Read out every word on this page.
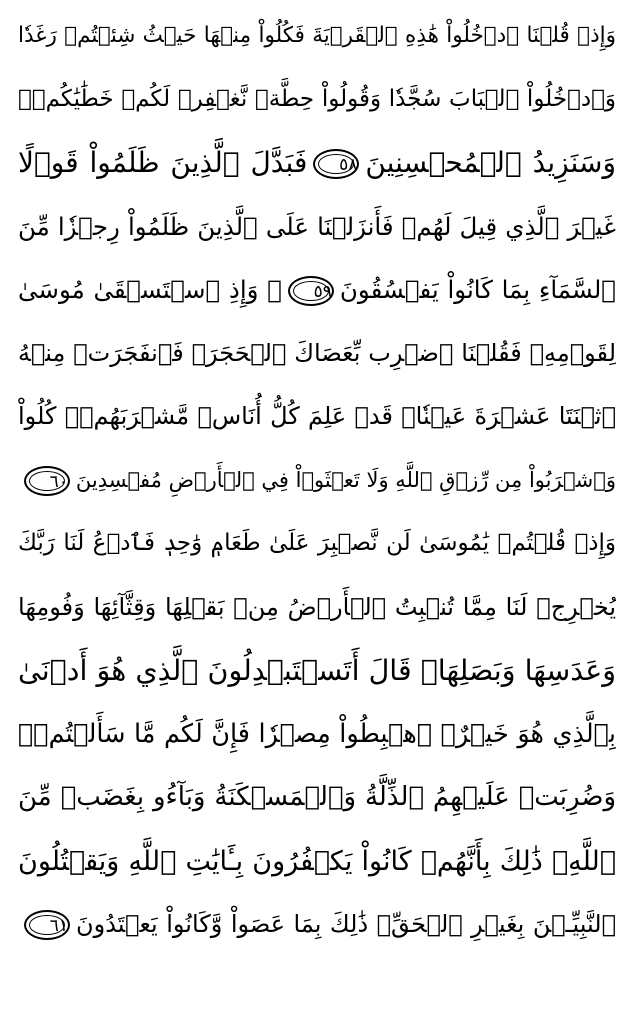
وَإِذۡ قُلۡنَا ٱدۡخُلُواْ هَٰذِهِ ٱلۡقَرۡيَةَ فَكُلُواْ مِنۡهَا حَيۡثُ شِئۡتُمۡ رَغَدٗا
وَٱدۡخُلُواْ ٱلۡبَابَ سُجَّدٗا وَقُولُواْ حِطَّةٞ نَّغۡفِرۡ لَكُمۡ خَطَٰيَٰكُمۡۚ
وَسَنَزِيدُ ٱلۡمُحۡسِنِينَ٥٨فَبَدَّلَ ٱلَّذِينَ ظَلَمُواْ قَوۡلًا
غَيۡرَ ٱلَّذِي قِيلَ لَهُمۡ فَأَنزَلۡنَا عَلَى ٱلَّذِينَ ظَلَمُواْ رِجۡزٗا مِّنَ
ٱلسَّمَآءِ بِمَا كَانُواْ يَفۡسُقُونَ٥٩۞ وَإِذِ ٱسۡتَسۡقَىٰ مُوسَىٰ
لِقَوۡمِهِۦ فَقُلۡنَا ٱضۡرِب بِّعَصَاكَ ٱلۡحَجَرَۖ فَٱنفَجَرَتۡ مِنۡهُ
ٱثۡنَتَا عَشۡرَةَ عَيۡنٗاۖ قَدۡ عَلِمَ كُلُّ أُنَاسٖ مَّشۡرَبَهُمۡۖ كُلُواْ
وَٱشۡرَبُواْ مِن رِّزۡقِ ٱللَّهِ وَلَا تَعۡثَوۡاْ فِي ٱلۡأَرۡضِ مُفۡسِدِينَ٦٠
وَإِذۡ قُلۡتُمۡ يَٰمُوسَىٰ لَن نَّصۡبِرَ عَلَىٰ طَعَامٖ وَٰحِدٖ فَٱدۡعُ لَنَا رَبَّكَ
يُخۡرِجۡ لَنَا مِمَّا تُنۢبِتُ ٱلۡأَرۡضُ مِنۢ بَقۡلِهَا وَقِثَّآئِهَا وَفُومِهَا
وَعَدَسِهَا وَبَصَلِهَاۖ قَالَ أَتَسۡتَبۡدِلُونَ ٱلَّذِي هُوَ أَدۡنَىٰ
بِٱلَّذِي هُوَ خَيۡرٌۚ ٱهۡبِطُواْ مِصۡرٗا فَإِنَّ لَكُم مَّا سَأَلۡتُمۡۗ
وَضُرِبَتۡ عَلَيۡهِمُ ٱلذِّلَّةُ وَٱلۡمَسۡكَنَةُ وَبَآءُو بِغَضَبٖ مِّنَ
ٱللَّهِۗ ذَٰلِكَ بِأَنَّهُمۡ كَانُواْ يَكۡفُرُونَ بِـَٔايَٰتِ ٱللَّهِ وَيَقۡتُلُونَ
ٱلنَّبِيِّـۧنَ بِغَيۡرِ ٱلۡحَقِّۗ ذَٰلِكَ بِمَا عَصَواْ وَّكَانُواْ يَعۡتَدُونَ٦١
